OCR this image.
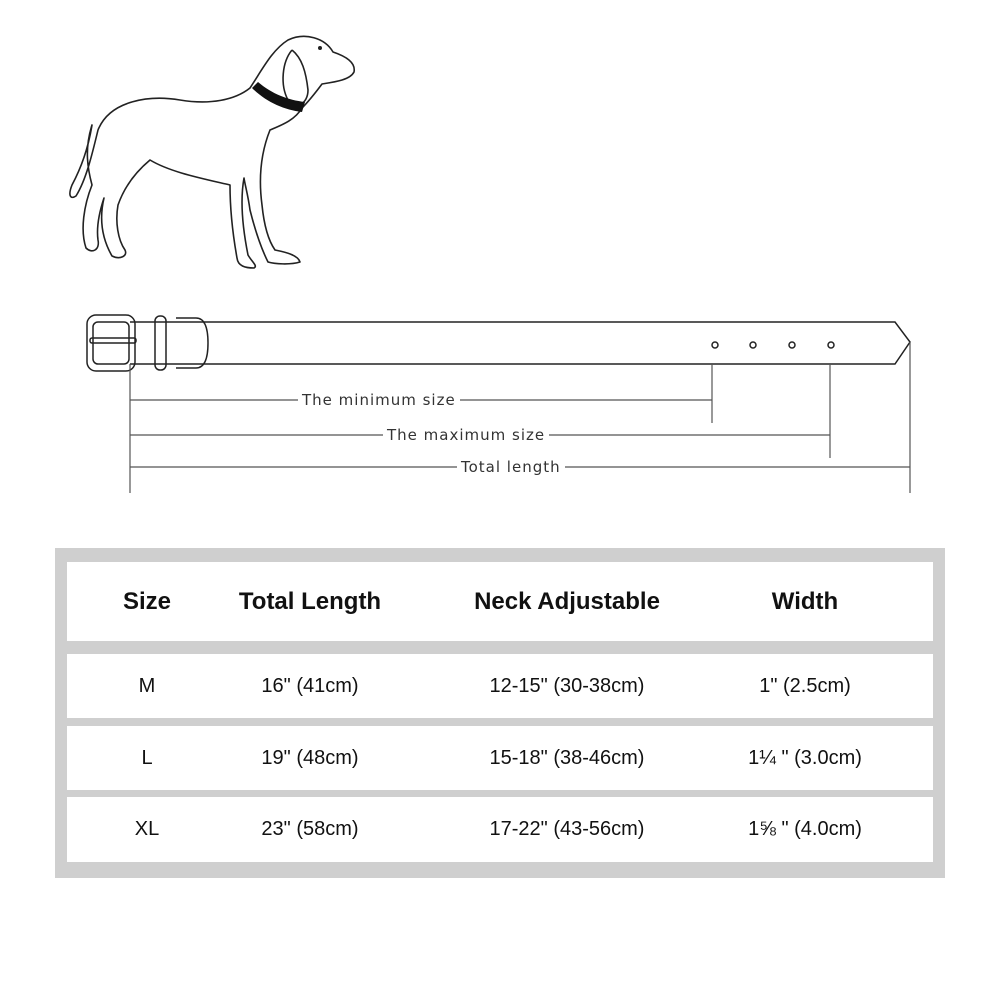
The minimum size
The maximum size
Total length
Size	Total Length	Neck Adjustable	Width
M	16" (41cm)	12-15" (30-38cm)	1" (2.5cm)
L	19" (48cm)	15-18" (38-46cm)	1¼ " (3.0cm)
XL	23" (58cm)	17-22" (43-56cm)	1⅝ " (4.0cm)
